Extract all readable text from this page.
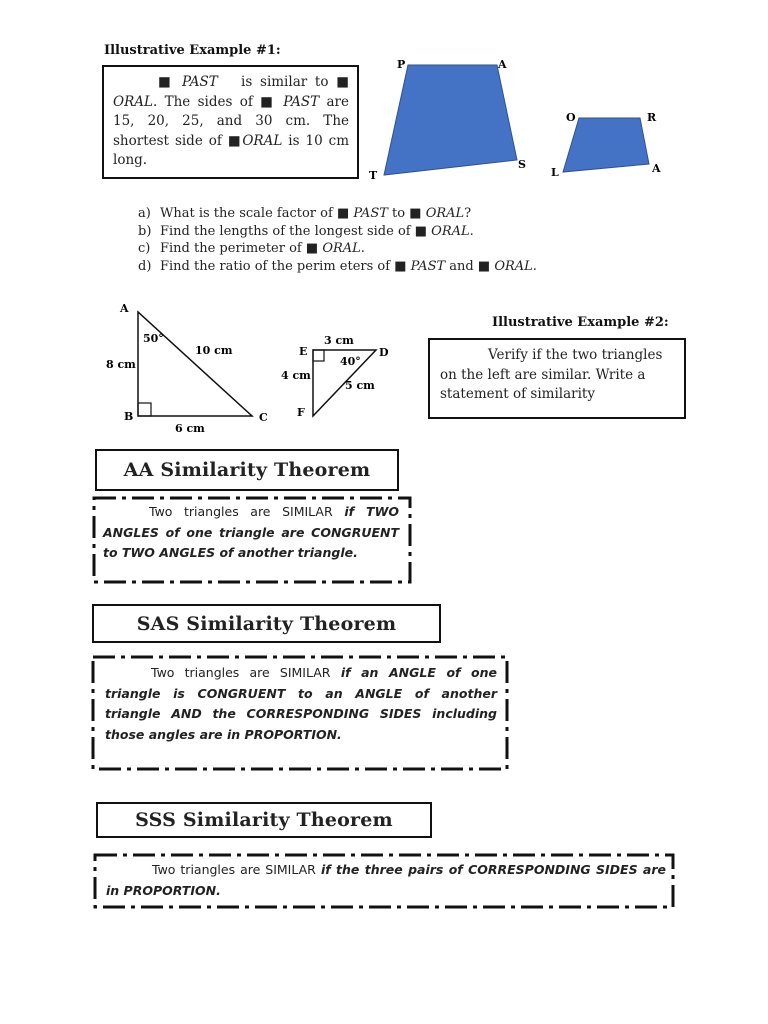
Illustrative Example #1:
■ PAST is similar to ■ ORAL. The sides of ■ PAST are 15, 20, 25, and 30 cm. The shortest side of ■ORAL is 10 cm long.
P	A
S
T
O	R
A
L
a) What is the scale factor of ■ PAST to ■ ORAL?
b) Find the lengths of the longest side of ■ ORAL.
c) Find the perimeter of ■ ORAL.
d) Find the ratio of the perim eters of ■ PAST and ■ ORAL.
A
B	C
50°
8 cm
10 cm
6 cm
E	D
F
3 cm
40°
4 cm
5 cm
Illustrative Example #2:
Verify if the two triangles on the left are similar. Write a statement of similarity
AA Similarity Theorem
Two triangles are SIMILAR if TWO ANGLES of one triangle are CONGRUENT to TWO ANGLES of another triangle.
SAS Similarity Theorem
Two triangles are SIMILAR if an ANGLE of one triangle is CONGRUENT to an ANGLE of another triangle AND the CORRESPONDING SIDES including those angles are in PROPORTION.
SSS Similarity Theorem
Two triangles are SIMILAR if the three pairs of CORRESPONDING SIDES are in PROPORTION.
